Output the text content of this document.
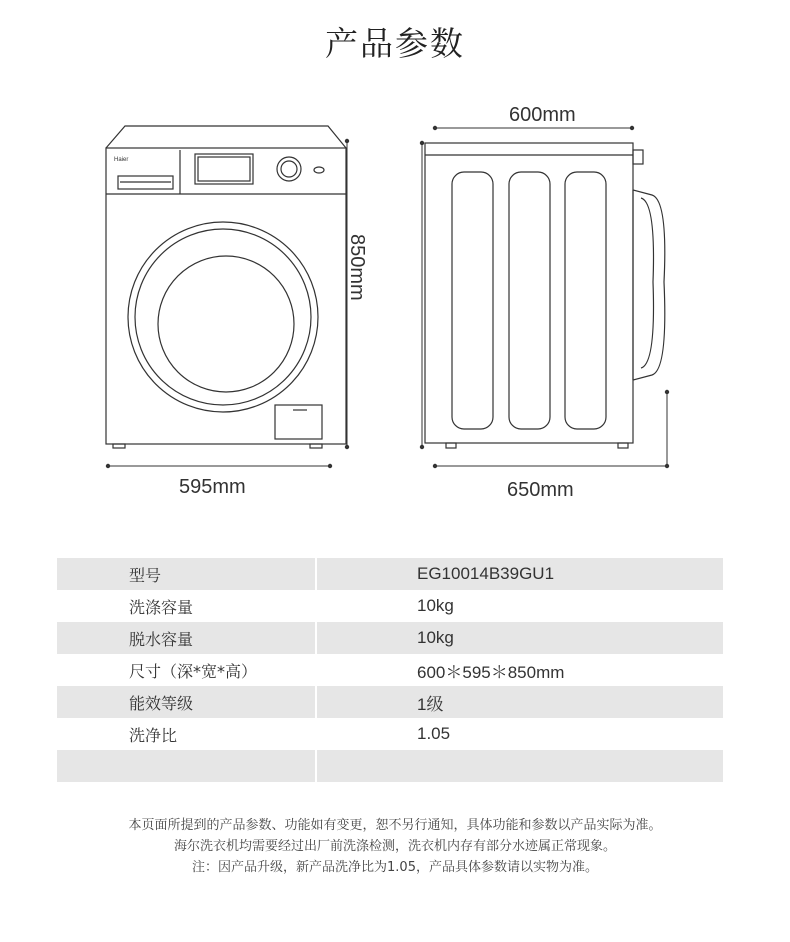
产品参数
Haier
595mm
600mm
650mm
850mm
型号		EG10014B39GU1
洗涤容量		10kg
脱水容量		10kg
尺寸（深*宽*高）		600＊595＊850mm
能效等级		1级
洗净比		1.05

本页面所提到的产品参数、功能如有变更，恕不另行通知，具体功能和参数以产品实际为准。
海尔洗衣机均需要经过出厂前洗涤检测，洗衣机内存有部分水迹属正常现象。
注：因产品升级，新产品洗净比为1.05，产品具体参数请以实物为准。
